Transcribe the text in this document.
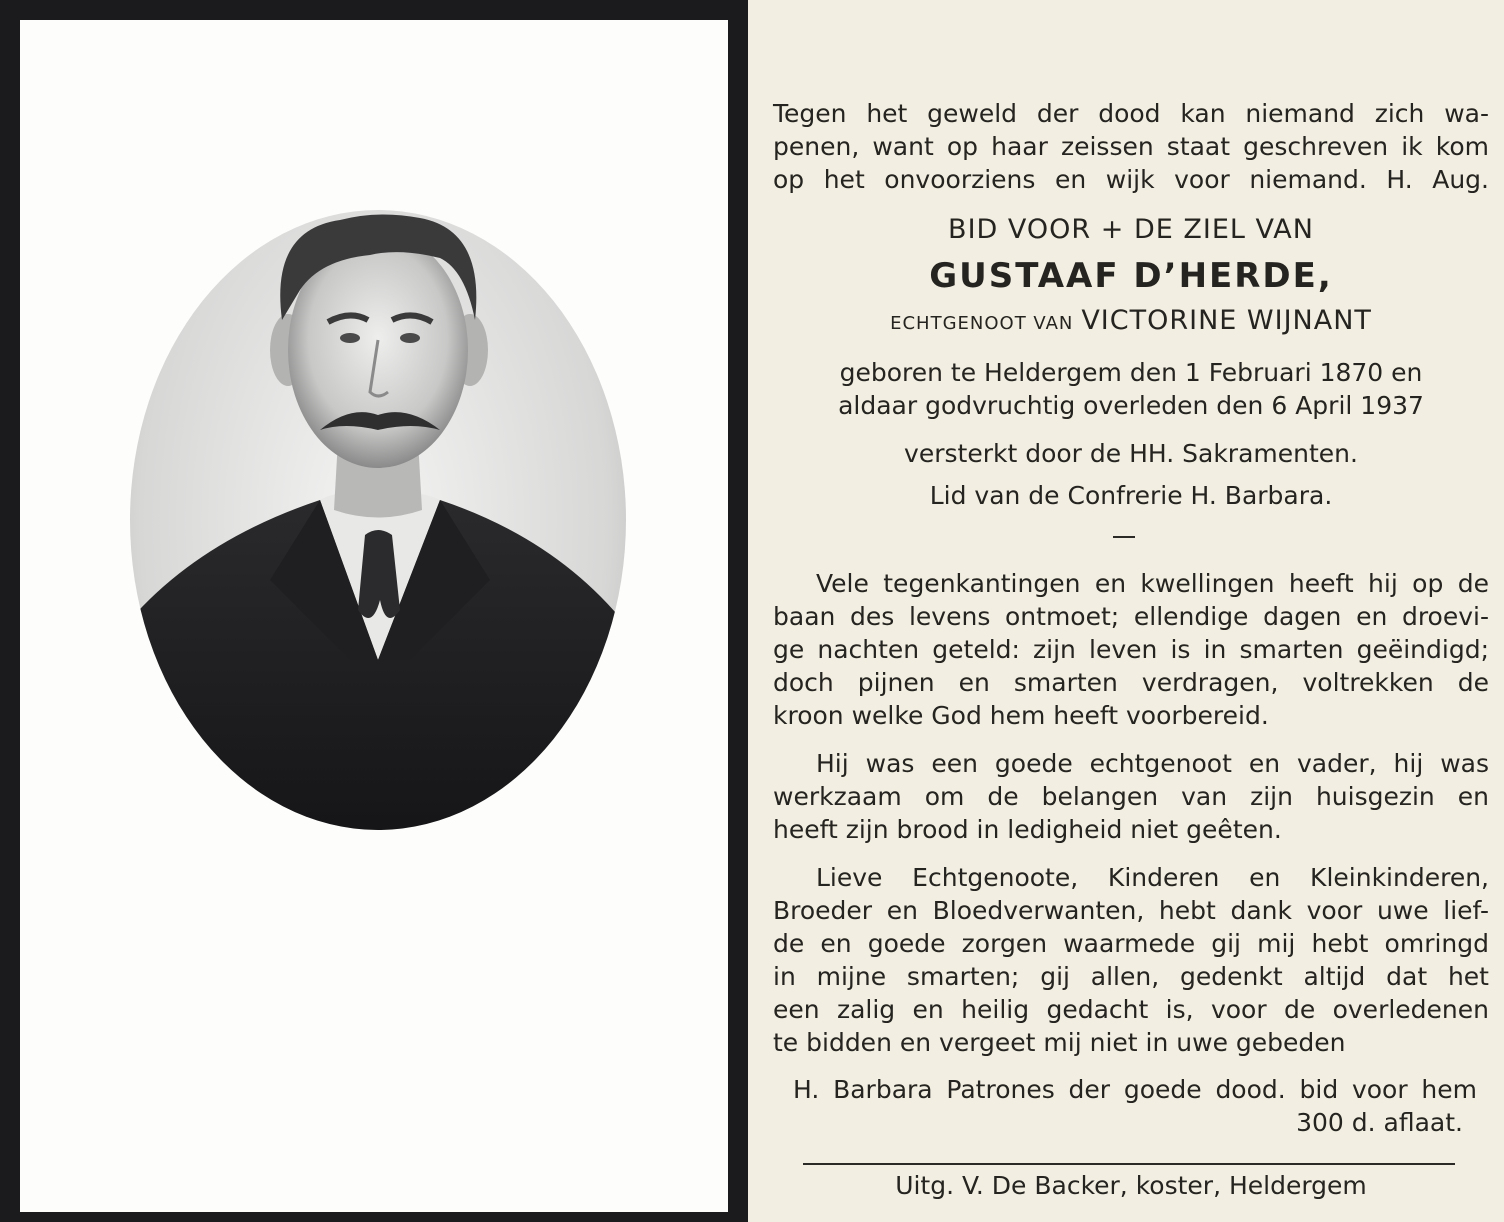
Tegen het geweld der dood kan niemand zich wa-
penen, want op haar zeissen staat geschreven ik kom
op het onvoorziens en wijk voor niemand. H. Aug.
BID VOOR + DE ZIEL VAN
GUSTAAF D’HERDE,
ECHTGENOOT VAN VICTORINE WIJNANT
geboren te Heldergem den 1 Februari 1870 en
aldaar godvruchtig overleden den 6 April 1937
versterkt door de HH. Sakramenten.
Lid van de Confrerie H. Barbara.
Vele tegenkantingen en kwellingen heeft hij op de
baan des levens ontmoet; ellendige dagen en droevi-
ge nachten geteld: zijn leven is in smarten geëindigd;
doch pijnen en smarten verdragen, voltrekken de
kroon welke God hem heeft voorbereid.
Hij was een goede echtgenoot en vader, hij was
werkzaam om de belangen van zijn huisgezin en
heeft zijn brood in ledigheid niet geêten.
Lieve Echtgenoote, Kinderen en Kleinkinderen,
Broeder en Bloedverwanten, hebt dank voor uwe lief-
de en goede zorgen waarmede gij mij hebt omringd
in mijne smarten; gij allen, gedenkt altijd dat het
een zalig en heilig gedacht is, voor de overledenen
te bidden en vergeet mij niet in uwe gebeden
H. Barbara Patrones der goede dood. bid voor hem
300 d. aflaat.
Uitg. V. De Backer, koster, Heldergem
